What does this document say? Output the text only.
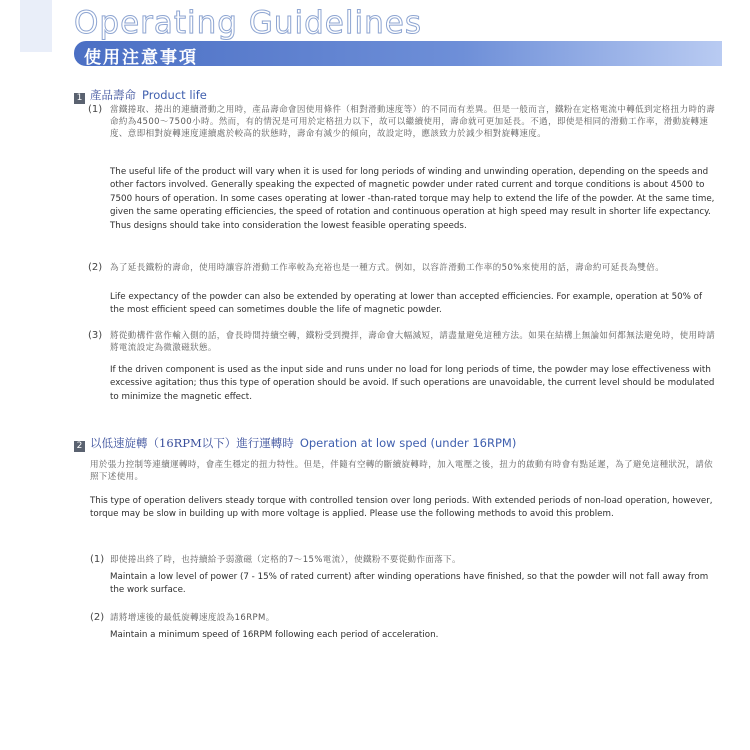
Operating Guidelines
使用注意事項
1 產品壽命 Product life
(1) 當鐵捲取、捲出的連續滑動之用時，產品壽命會因使用條件（相對滑動速度等）的不同而有差異。但是一般而言，鐵粉在定格電流中轉低到定格扭力時的壽命約為4500～7500小時。然而，有的情況是可用於定格扭力以下，故可以繼續使用，壽命就可更加延長。不過，即使是相同的滑動工作率，滑動旋轉速度、意即相對旋轉速度連續處於較高的狀態時，壽命有減少的傾向，故設定時，應該致力於減少相對旋轉速度。
The useful life of the product will vary when it is used for long periods of winding and unwinding operation, depending on the speeds and other factors involved. Generally speaking the expected of magnetic powder under rated current and torque conditions is about 4500 to 7500 hours of operation. In some cases operating at lower -than-rated torque may help to extend the life of the powder. At the same time, given the same operating efficiencies, the speed of rotation and continuous operation at high speed may result in shorter life expectancy. Thus designs should take into consideration the lowest feasible operating speeds.
(2) 為了延長鐵粉的壽命，使用時讓容許滑動工作率較為充裕也是一種方式。例如，以容許滑動工作率的50%來使用的話，壽命約可延長為雙倍。
Life expectancy of the powder can also be extended by operating at lower than accepted efficiencies. For example, operation at 50% of the most efficient speed can sometimes double the life of magnetic powder.
(3) 將從動構件當作輸入側的話，會長時間持續空轉，鐵粉受到攪拌，壽命會大幅減短，請盡量避免這種方法。如果在結構上無論如何都無法避免時，使用時請將電流設定為微激磁狀態。
If the driven component is used as the input side and runs under no load for long periods of time, the powder may lose effectiveness with excessive agitation; thus this type of operation should be avoid. If such operations are unavoidable, the current level should be modulated to minimize the magnetic effect.
2 以低速旋轉（16RPM以下）進行運轉時 Operation at low sped (under 16RPM)
用於張力控制等連續運轉時，會產生穩定的扭力特性。但是，伴隨有空轉的斷續旋轉時，加入電壓之後，扭力的啟動有時會有點延遲，為了避免這種狀況，請依照下述使用。
This type of operation delivers steady torque with controlled tension over long periods. With extended periods of non-load operation, however, torque may be slow in building up with more voltage is applied. Please use the following methods to avoid this problem.
(1) 即使捲出終了時，也持續給予弱激磁（定格的7～15%電流），使鐵粉不要從動作面落下。
Maintain a low level of power (7 - 15% of rated current) after winding operations have finished, so that the powder will not fall away from the work surface.
(2) 請將增速後的最低旋轉速度設為16RPM。
Maintain a minimum speed of 16RPM following each period of acceleration.
